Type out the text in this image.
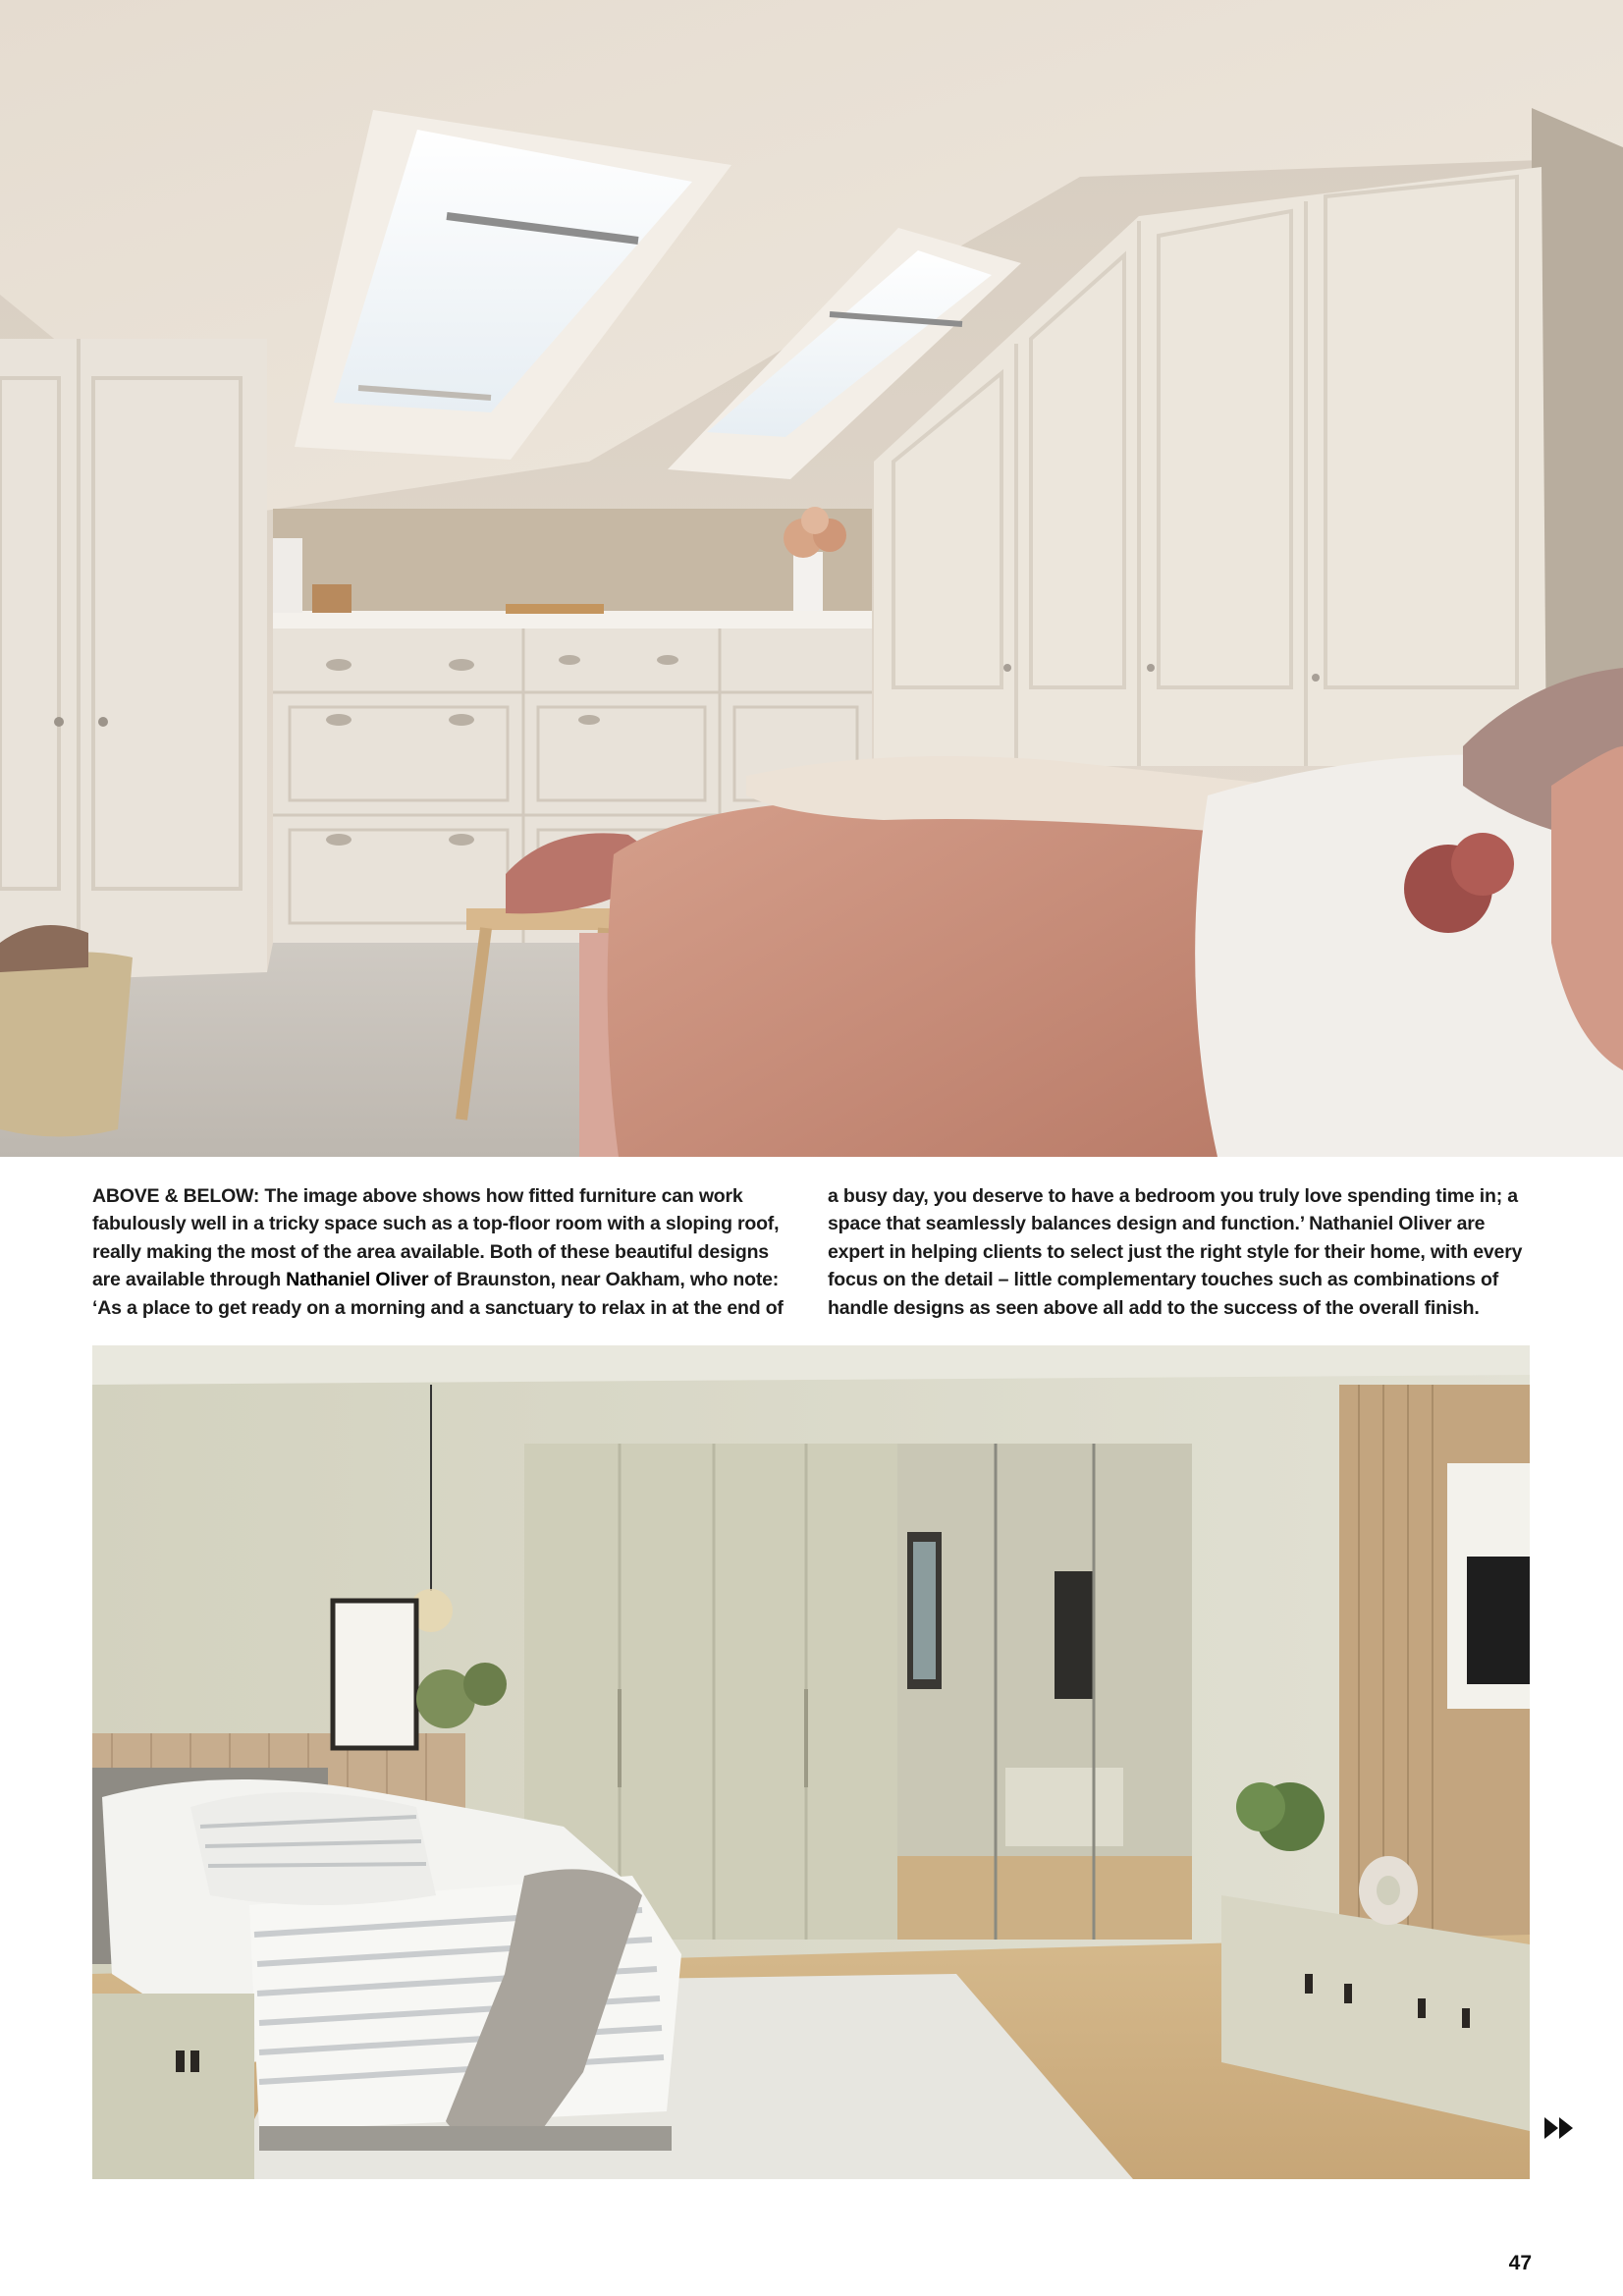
ABOVE & BELOW: The image above shows how fitted furniture can work fabulously well in a tricky space such as a top-floor room with a sloping roof, really making the most of the area available. Both of these beautiful designs are available through Nathaniel Oliver of Braunston, near Oakham, who note: ‘As a place to get ready on a morning and a sanctuary to relax in at the end of
a busy day, you deserve to have a bedroom you truly love spending time in; a space that seamlessly balances design and function.’ Nathaniel Oliver are expert in helping clients to select just the right style for their home, with every focus on the detail – little complementary touches such as combinations of handle designs as seen above all add to the success of the overall finish.
47
